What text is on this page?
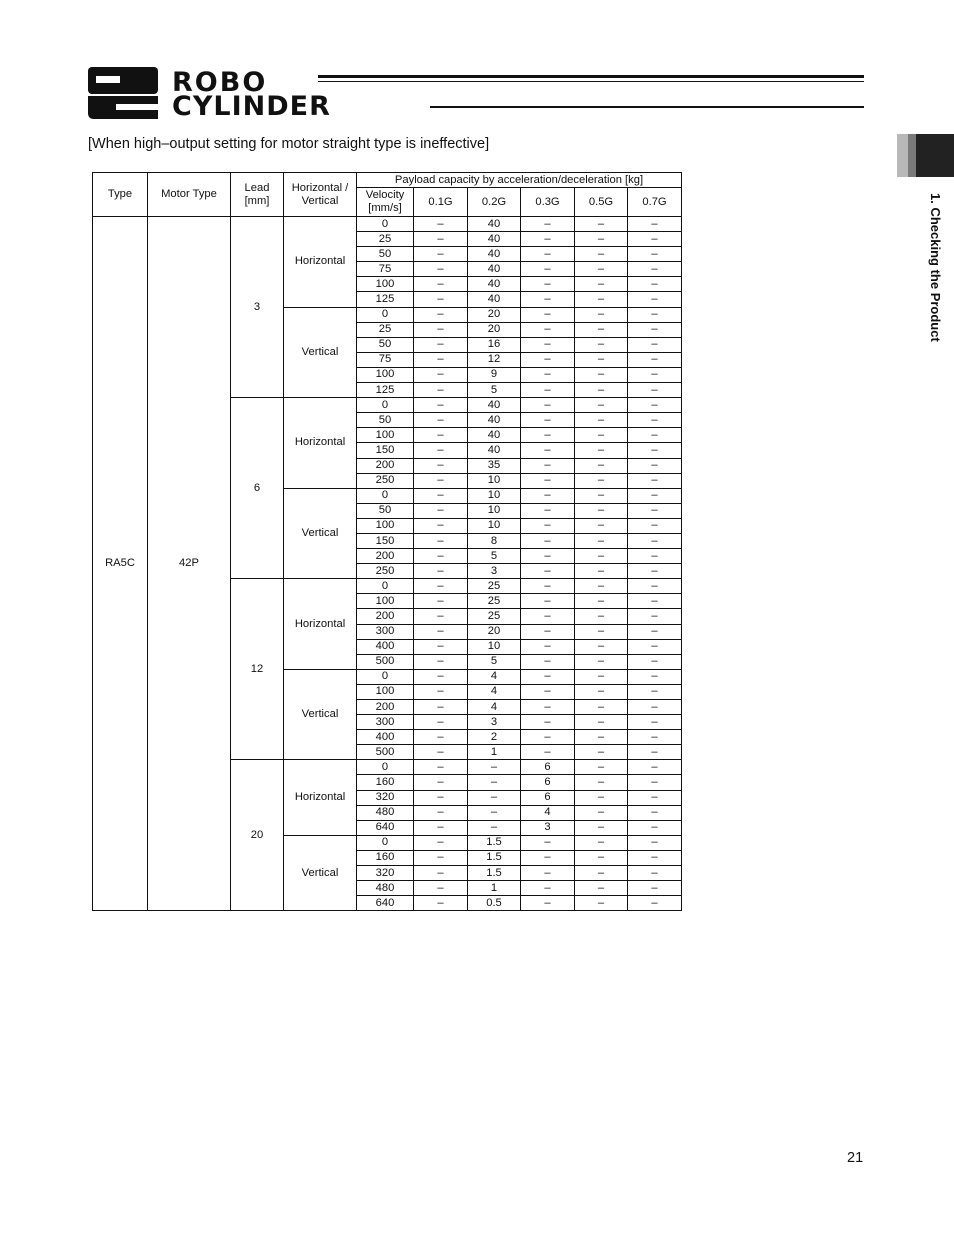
ROBO
CYLINDER
1. Checking the Product
[When high–output setting for motor straight type is ineffective]
Type	Motor Type	Lead [mm]	Horizontal / Vertical	Payload capacity by acceleration/deceleration [kg]					
				Velocity [mm/s]	0.1G	0.2G	0.3G	0.5G	0.7G
RA5C	42P	3	Horizontal	0	–	40	–	–	–
				25	–	40	–	–	–
				50	–	40	–	–	–
				75	–	40	–	–	–
				100	–	40	–	–	–
				125	–	40	–	–	–
			Vertical	0	–	20	–	–	–
				25	–	20	–	–	–
				50	–	16	–	–	–
				75	–	12	–	–	–
				100	–	9	–	–	–
				125	–	5	–	–	–
		6	Horizontal	0	–	40	–	–	–
				50	–	40	–	–	–
				100	–	40	–	–	–
				150	–	40	–	–	–
				200	–	35	–	–	–
				250	–	10	–	–	–
			Vertical	0	–	10	–	–	–
				50	–	10	–	–	–
				100	–	10	–	–	–
				150	–	8	–	–	–
				200	–	5	–	–	–
				250	–	3	–	–	–
		12	Horizontal	0	–	25	–	–	–
				100	–	25	–	–	–
				200	–	25	–	–	–
				300	–	20	–	–	–
				400	–	10	–	–	–
				500	–	5	–	–	–
			Vertical	0	–	4	–	–	–
				100	–	4	–	–	–
				200	–	4	–	–	–
				300	–	3	–	–	–
				400	–	2	–	–	–
				500	–	1	–	–	–
		20	Horizontal	0	–	–	6	–	–
				160	–	–	6	–	–
				320	–	–	6	–	–
				480	–	–	4	–	–
				640	–	–	3	–	–
			Vertical	0	–	1.5	–	–	–
				160	–	1.5	–	–	–
				320	–	1.5	–	–	–
				480	–	1	–	–	–
				640	–	0.5	–	–	–
21
